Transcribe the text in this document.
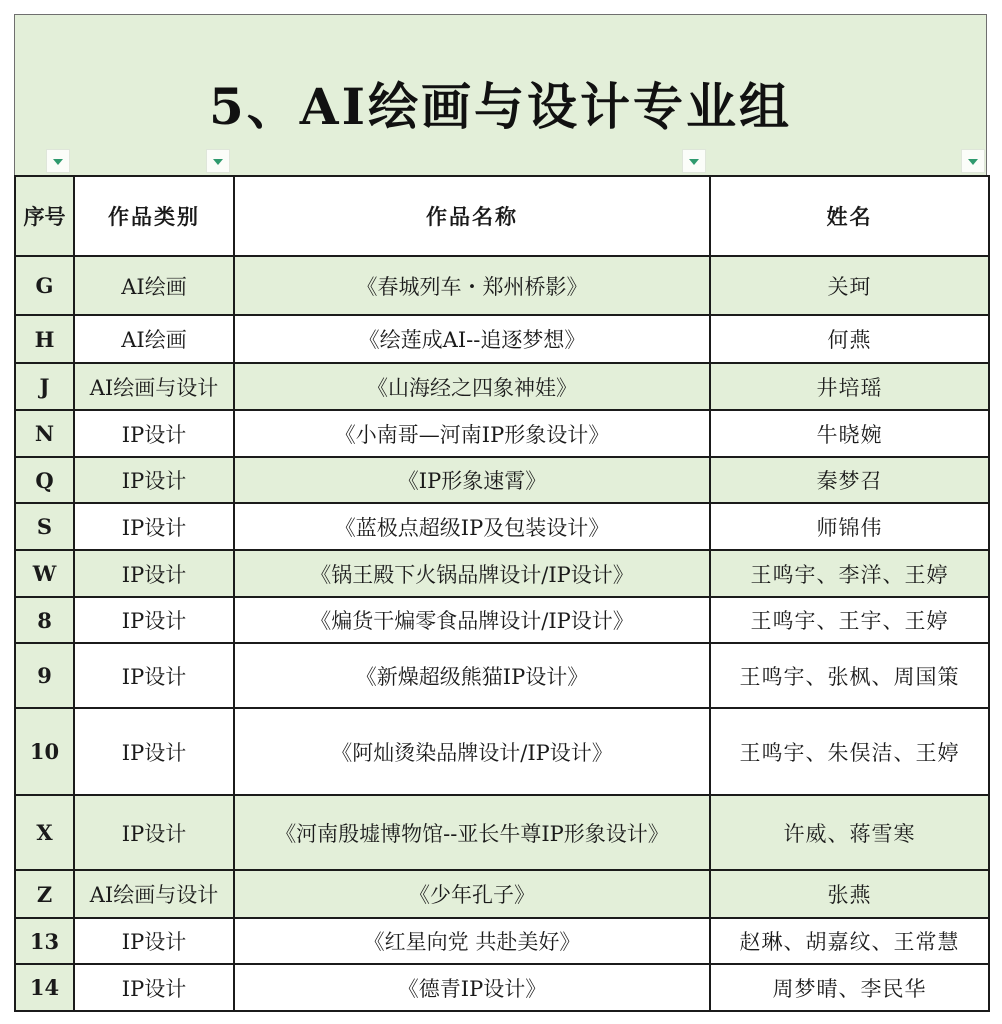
5、AI绘画与设计专业组
序号	作品类别	作品名称	姓名
G	AI绘画	《春城列车・郑州桥影》	关珂
H	AI绘画	《绘莲成AI--追逐梦想》	何燕
J	AI绘画与设计	《山海经之四象神娃》	井培瑶
N	IP设计	《小南哥—河南IP形象设计》	牛晓婉
Q	IP设计	《IP形象速霄》	秦梦召
S	IP设计	《蓝极点超级IP及包装设计》	师锦伟
W	IP设计	《锅王殿下火锅品牌设计/IP设计》	王鸣宇、李洋、王婷
8	IP设计	《煸货干煸零食品牌设计/IP设计》	王鸣宇、王宇、王婷
9	IP设计	《新燥超级熊猫IP设计》	王鸣宇、张枫、周国策
10	IP设计	《阿灿烫染品牌设计/IP设计》	王鸣宇、朱俣洁、王婷
X	IP设计	《河南殷墟博物馆--亚长牛尊IP形象设计》	许威、蒋雪寒
Z	AI绘画与设计	《少年孔子》	张燕
13	IP设计	《红星向党 共赴美好》	赵琳、胡嘉纹、王常慧
14	IP设计	《德青IP设计》	周梦晴、李民华
